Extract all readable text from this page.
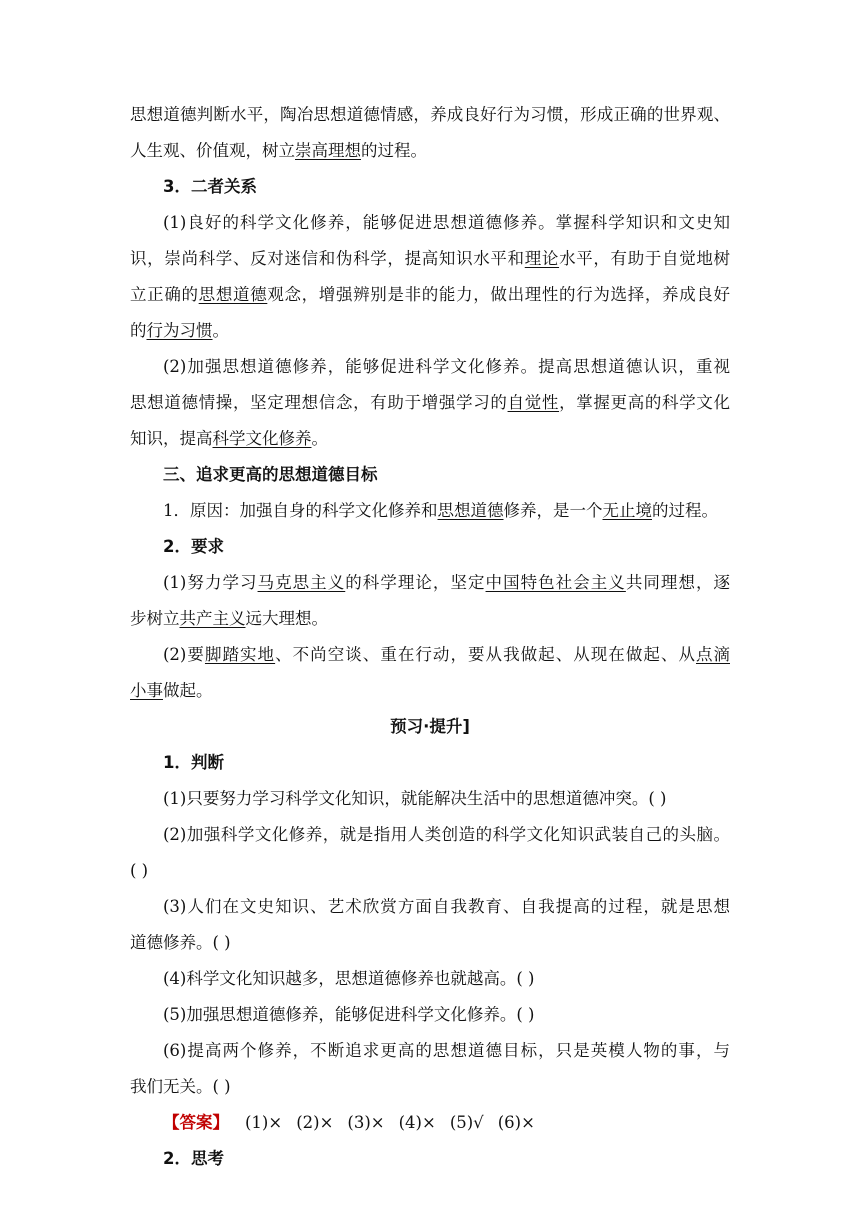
思想道德判断水平，陶冶思想道德情感，养成良好行为习惯，形成正确的世界观、
人生观、价值观，树立崇高理想的过程。
3．二者关系
(1)良好的科学文化修养，能够促进思想道德修养。掌握科学知识和文史知
识，崇尚科学、反对迷信和伪科学，提高知识水平和理论水平，有助于自觉地树
立正确的思想道德观念，增强辨别是非的能力，做出理性的行为选择，养成良好
的行为习惯。
(2)加强思想道德修养，能够促进科学文化修养。提高思想道德认识，重视
思想道德情操，坚定理想信念，有助于增强学习的自觉性，掌握更高的科学文化
知识，提高科学文化修养。
三、追求更高的思想道德目标
1．原因：加强自身的科学文化修养和思想道德修养，是一个无止境的过程。
2．要求
(1)努力学习马克思主义的科学理论，坚定中国特色社会主义共同理想，逐
步树立共产主义远大理想。
(2)要脚踏实地、不尚空谈、重在行动，要从我做起、从现在做起、从点滴
小事做起。
预习·提升]
1．判断
(1)只要努力学习科学文化知识，就能解决生活中的思想道德冲突。( )
(2)加强科学文化修养，就是指用人类创造的科学文化知识武装自己的头脑。
( )
(3)人们在文史知识、艺术欣赏方面自我教育、自我提高的过程，就是思想
道德修养。( )
(4)科学文化知识越多，思想道德修养也就越高。( )
(5)加强思想道德修养，能够促进科学文化修养。( )
(6)提高两个修养，不断追求更高的思想道德目标，只是英模人物的事，与
我们无关。( )
【答案】 (1)× (2)× (3)× (4)× (5)√ (6)×
2．思考
